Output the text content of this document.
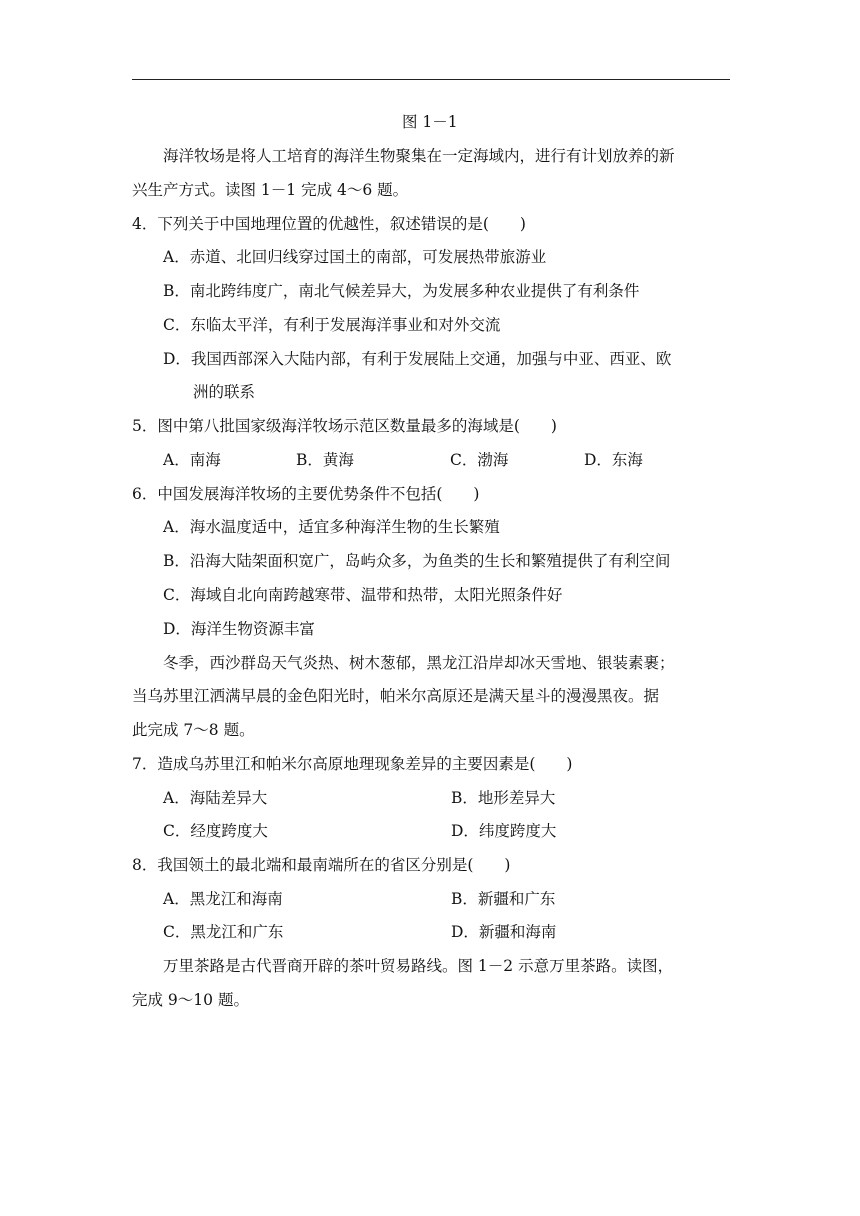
图 1－1
海洋牧场是将人工培育的海洋生物聚集在一定海域内，进行有计划放养的新
兴生产方式。读图 1－1 完成 4～6 题。
4．下列关于中国地理位置的优越性，叙述错误的是(　　)
A．赤道、北回归线穿过国土的南部，可发展热带旅游业
B．南北跨纬度广，南北气候差异大，为发展多种农业提供了有利条件
C．东临太平洋，有利于发展海洋事业和对外交流
D．我国西部深入大陆内部，有利于发展陆上交通，加强与中亚、西亚、欧
洲的联系
5．图中第八批国家级海洋牧场示范区数量最多的海域是(　　)
A．南海	B．黄海	C．渤海	D．东海
6．中国发展海洋牧场的主要优势条件不包括(　　)
A．海水温度适中，适宜多种海洋生物的生长繁殖
B．沿海大陆架面积宽广，岛屿众多，为鱼类的生长和繁殖提供了有利空间
C．海域自北向南跨越寒带、温带和热带，太阳光照条件好
D．海洋生物资源丰富
冬季，西沙群岛天气炎热、树木葱郁，黑龙江沿岸却冰天雪地、银装素裹；
当乌苏里江洒满早晨的金色阳光时，帕米尔高原还是满天星斗的漫漫黑夜。据
此完成 7～8 题。
7．造成乌苏里江和帕米尔高原地理现象差异的主要因素是(　　)
A．海陆差异大	B．地形差异大
C．经度跨度大	D．纬度跨度大
8．我国领土的最北端和最南端所在的省区分别是(　　)
A．黑龙江和海南	B．新疆和广东
C．黑龙江和广东	D．新疆和海南
万里茶路是古代晋商开辟的茶叶贸易路线。图 1－2 示意万里茶路。读图，
完成 9～10 题。
